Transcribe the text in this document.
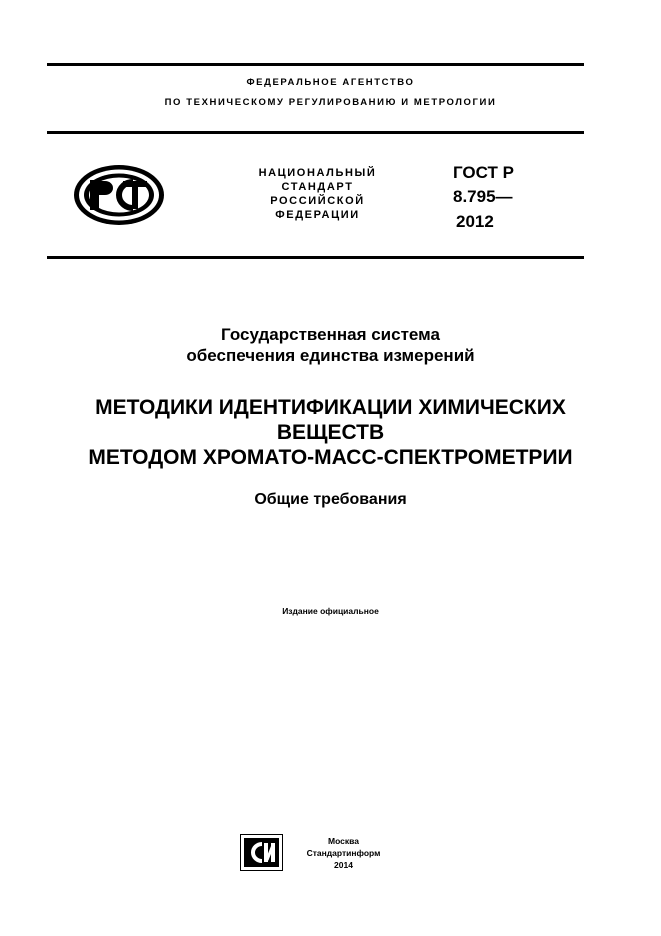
ФЕДЕРАЛЬНОЕ АГЕНТСТВО
ПО ТЕХНИЧЕСКОМУ РЕГУЛИРОВАНИЮ И МЕТРОЛОГИИ
НАЦИОНАЛЬНЫЙ
СТАНДАРТ
РОССИЙСКОЙ
ФЕДЕРАЦИИ
ГОСТ Р
8.795—
2012
Государственная система
обеспечения единства измерений
МЕТОДИКИ ИДЕНТИФИКАЦИИ ХИМИЧЕСКИХ
ВЕЩЕСТВ
МЕТОДОМ ХРОМАТО-МАСС-СПЕКТРОМЕТРИИ
Общие требования
Издание официальное
Москва
Стандартинформ
2014
